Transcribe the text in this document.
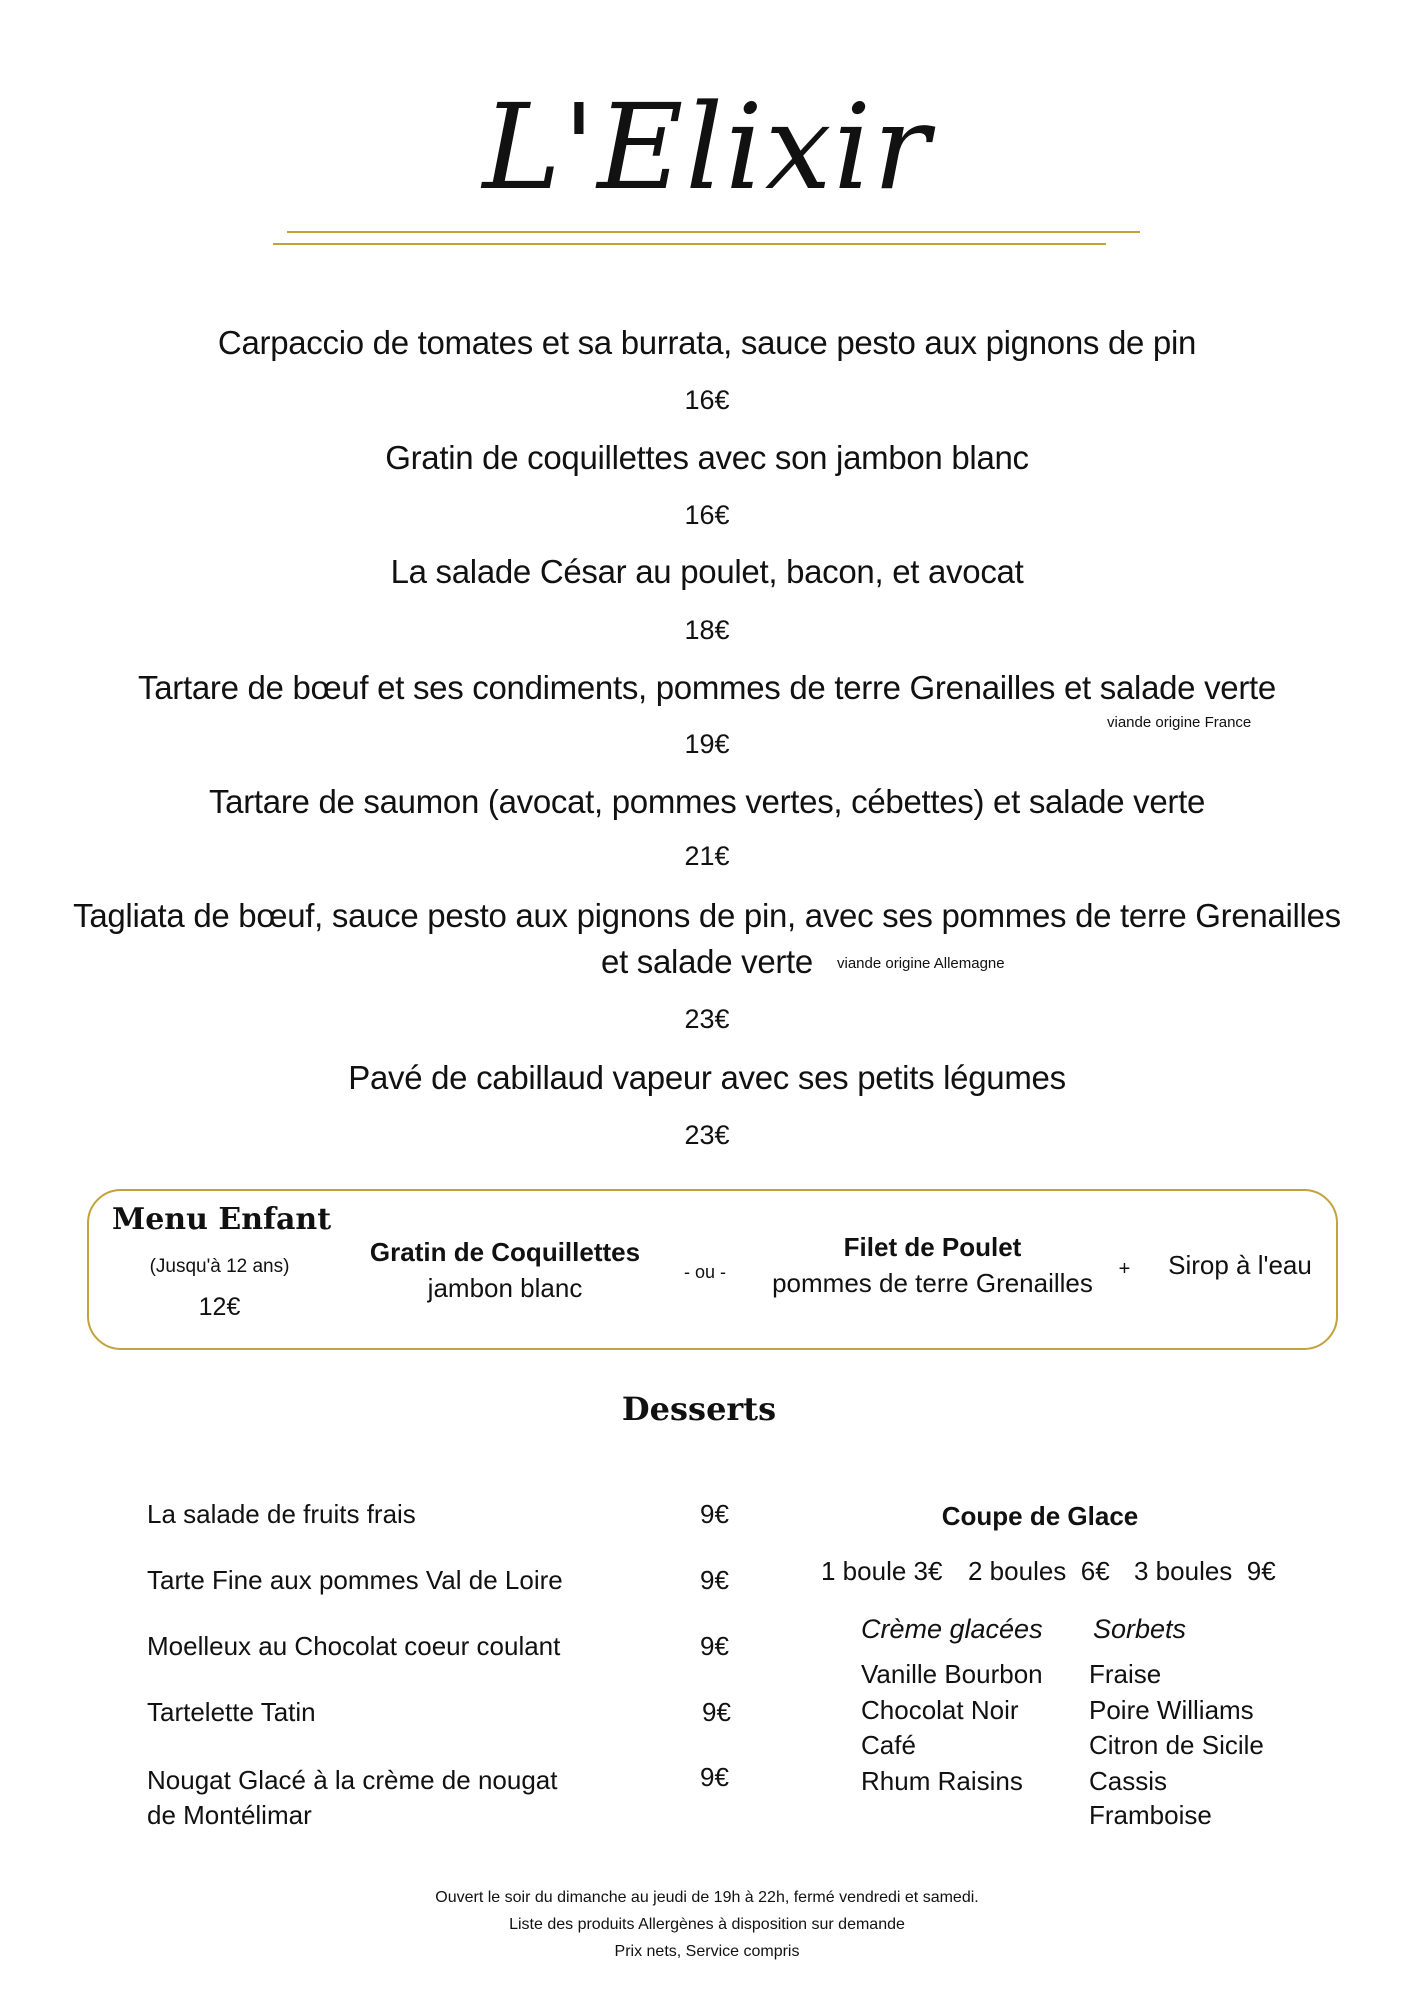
L'Elixir
Carpaccio de tomates et sa burrata, sauce pesto aux pignons de pin
16€
Gratin de coquillettes avec son jambon blanc
16€
La salade César au poulet, bacon, et avocat
18€
Tartare de bœuf et ses condiments, pommes de terre Grenailles et salade verte
viande origine France
19€
Tartare de saumon (avocat, pommes vertes, cébettes) et salade verte
21€
Tagliata de bœuf, sauce pesto aux pignons de pin, avec ses pommes de terre Grenailles
et salade verte	viande origine Allemagne
23€
Pavé de cabillaud vapeur avec ses petits légumes
23€
Menu Enfant
(Jusqu'à 12 ans)
12€
Gratin de Coquillettes
jambon blanc
- ou -
Filet de Poulet
pommes de terre Grenailles	+	Sirop à l'eau
Desserts
La salade de fruits frais	9€
Tarte Fine aux pommes Val de Loire	9€
Moelleux au Chocolat coeur coulant	9€
Tartelette Tatin	9€
Nougat Glacé à la crème de nougat
de Montélimar
9€
Coupe de Glace
1 boule 3€ 2 boules  6€ 3 boules  9€
Crème glacées Sorbets
Vanille Bourbon
Chocolat Noir
Café
Rhum Raisins
Fraise
Poire Williams
Citron de Sicile
Cassis
Framboise
Ouvert le soir du dimanche au jeudi de 19h à 22h, fermé vendredi et samedi.
Liste des produits Allergènes à disposition sur demande
Prix nets, Service compris
